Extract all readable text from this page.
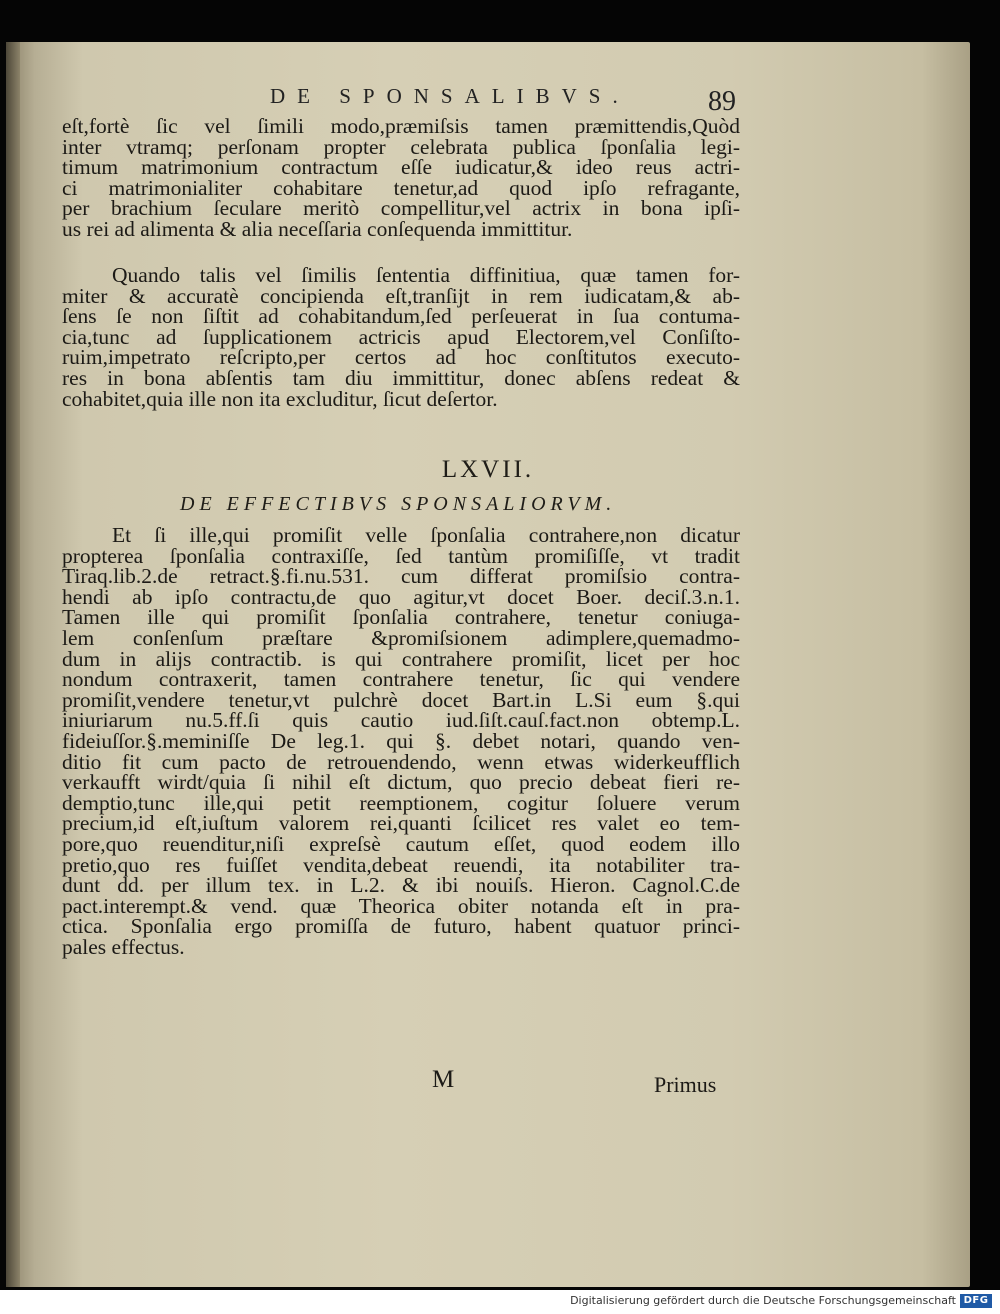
DE SPONSALIBVS.	89
eſt,fortè ſic vel ſimili modo,præmiſsis tamen præmittendis,Quòd
inter vtramq; perſonam propter celebrata publica ſponſalia legi-
timum matrimonium contractum eſſe iudicatur,& ideo reus actri-
ci matrimonialiter cohabitare tenetur,ad quod ipſo refragante,
per brachium ſeculare meritò compellitur,vel actrix in bona ipſi-
us rei ad alimenta & alia neceſſaria conſequenda immittitur.
Quando talis vel ſimilis ſententia diffinitiua, quæ tamen for-
miter & accuratè concipienda eſt,tranſijt in rem iudicatam,& ab-
ſens ſe non ſiſtit ad cohabitandum,ſed perſeuerat in ſua contuma-
cia,tunc ad ſupplicationem actricis apud Electorem,vel Conſiſto-
ruim,impetrato reſcripto,per certos ad hoc conſtitutos executo-
res in bona abſentis tam diu immittitur, donec abſens redeat &
cohabitet,quia ille non ita excluditur, ſicut deſertor.
LXVII.
DE EFFECTIBVS SPONSALIORVM.
Et ſi ille,qui promiſit velle ſponſalia contrahere,non dicatur
propterea ſponſalia contraxiſſe, ſed tantùm promiſiſſe, vt tradit
Tiraq.lib.2.de retract.§.fi.nu.531. cum differat promiſsio contra-
hendi ab ipſo contractu,de quo agitur,vt docet Boer. deciſ.3.n.1.
Tamen ille qui promiſit ſponſalia contrahere, tenetur coniuga-
lem conſenſum præſtare &promiſsionem adimplere,quemadmo-
dum in alijs contractib. is qui contrahere promiſit, licet per hoc
nondum contraxerit, tamen contrahere tenetur, ſic qui vendere
promiſit,vendere tenetur,vt pulchrè docet Bart.in L.Si eum §.qui
iniuriarum nu.5.ff.ſi quis cautio iud.ſiſt.cauſ.fact.non obtemp.L.
fideiuſſor.§.meminiſſe De leg.1. qui §. debet notari, quando ven-
ditio fit cum pacto de retrouendendo, wenn etwas widerkeufflich
verkaufft wirdt/quia ſi nihil eſt dictum, quo precio debeat fieri re-
demptio,tunc ille,qui petit reemptionem, cogitur ſoluere verum
precium,id eſt,iuſtum valorem rei,quanti ſcilicet res valet eo tem-
pore,quo reuenditur,niſi expreſsè cautum eſſet, quod eodem illo
pretio,quo res fuiſſet vendita,debeat reuendi, ita notabiliter tra-
dunt dd. per illum tex. in L.2. & ibi nouiſs. Hieron. Cagnol.C.de
pact.interempt.& vend. quæ Theorica obiter notanda eſt in pra-
ctica. Sponſalia ergo promiſſa de futuro, habent quatuor princi-
pales effectus.
M	Primus
Digitalisierung gefördert durch die Deutsche Forschungsgemeinschaft DFG
